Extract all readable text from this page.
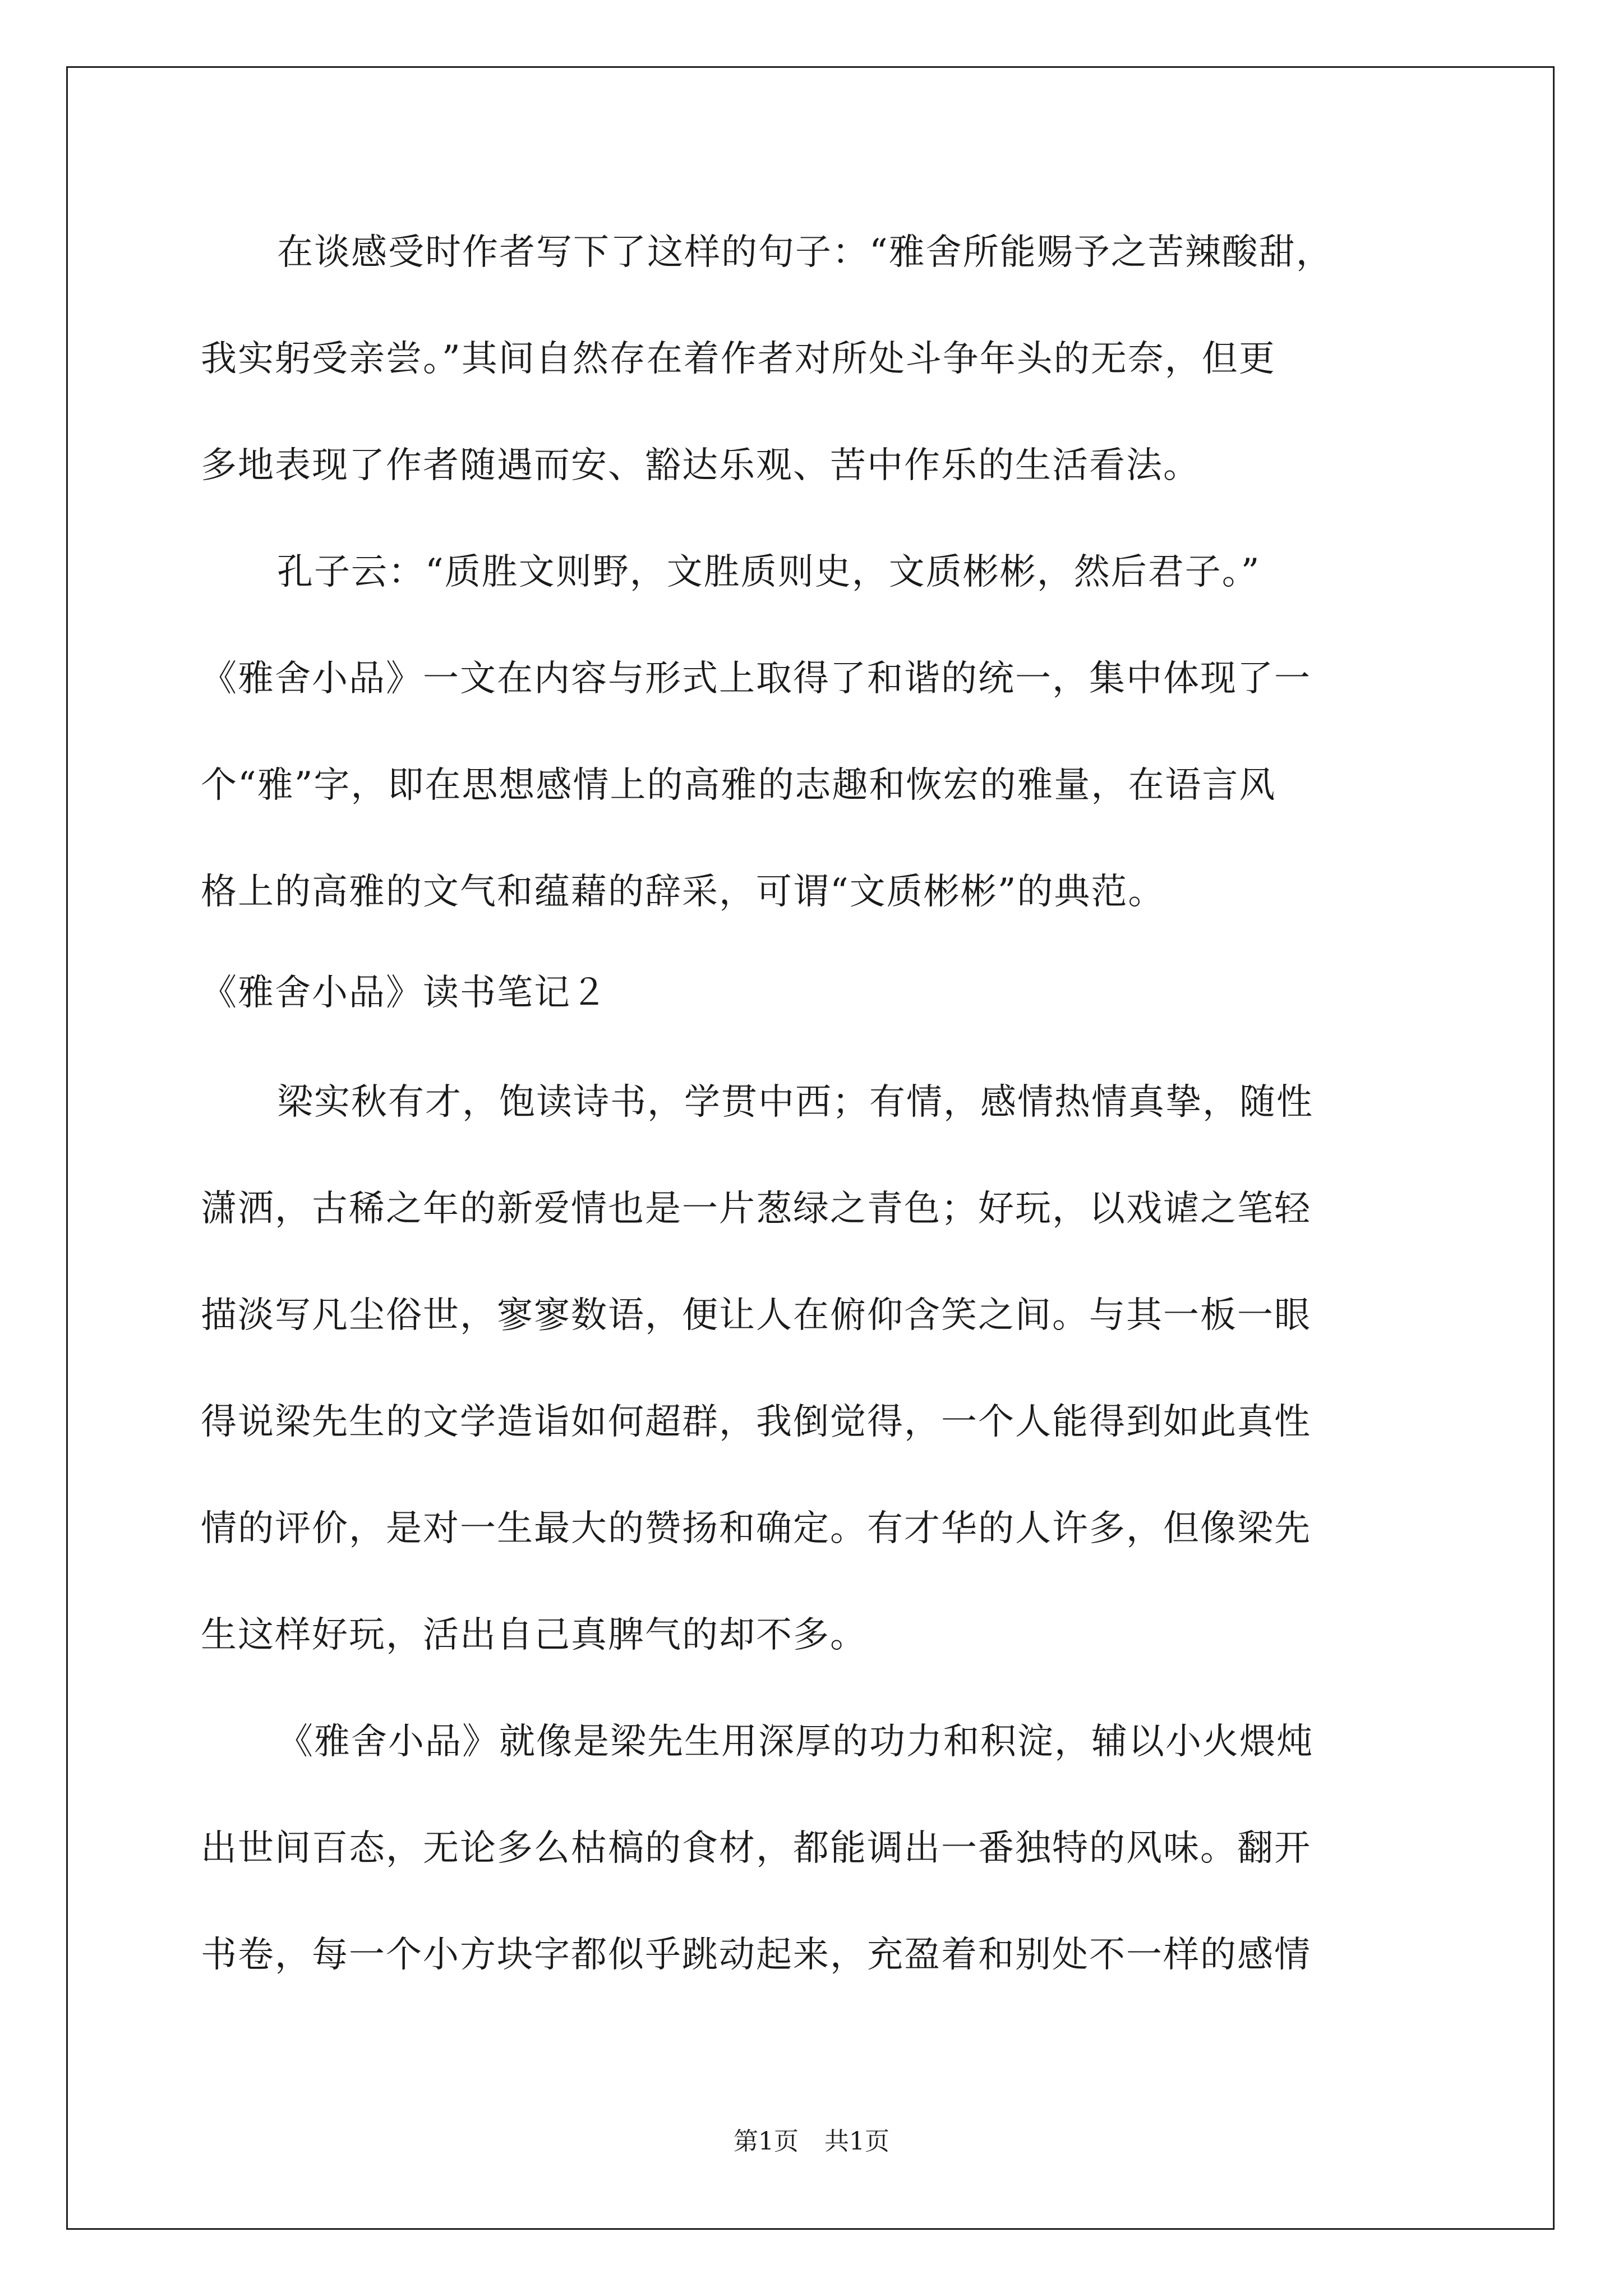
在谈感受时作者写下了这样的句子：“雅舍所能赐予之苦辣酸甜，
我实躬受亲尝。”其间自然存在着作者对所处斗争年头的无奈，但更
多地表现了作者随遇而安、豁达乐观、苦中作乐的生活看法。
孔子云：“质胜文则野，文胜质则史，文质彬彬，然后君子。”
《雅舍小品》一文在内容与形式上取得了和谐的统一，集中体现了一
个“雅”字，即在思想感情上的高雅的志趣和恢宏的雅量，在语言风
格上的高雅的文气和蕴藉的辞采，可谓“文质彬彬”的典范。
《雅舍小品》读书笔记２
梁实秋有才，饱读诗书，学贯中西；有情，感情热情真挚，随性
潇洒，古稀之年的新爱情也是一片葱绿之青色；好玩，以戏谑之笔轻
描淡写凡尘俗世，寥寥数语，便让人在俯仰含笑之间。与其一板一眼
得说梁先生的文学造诣如何超群，我倒觉得，一个人能得到如此真性
情的评价，是对一生最大的赞扬和确定。有才华的人许多，但像梁先
生这样好玩，活出自己真脾气的却不多。
《雅舍小品》就像是梁先生用深厚的功力和积淀，辅以小火煨炖
出世间百态，无论多么枯槁的食材，都能调出一番独特的风味。翻开
书卷，每一个小方块字都似乎跳动起来，充盈着和别处不一样的感情
第1页 共1页
